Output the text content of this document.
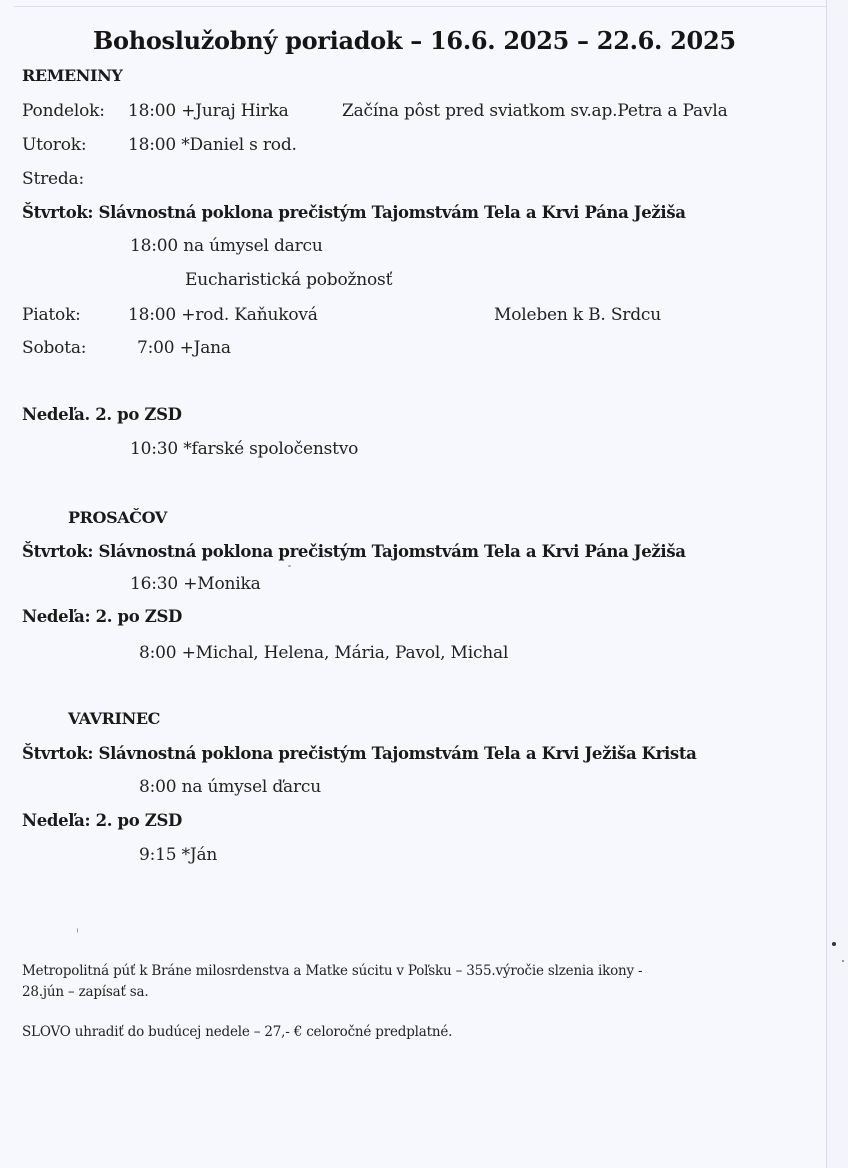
Bohoslužobný poriadok – 16.6. 2025 – 22.6. 2025
REMENINY
Pondelok: 18:00 +Juraj Hirka	Začína pôst pred sviatkom sv.ap.Petra a Pavla
Utorok: 18:00 *Daniel s rod.
Streda:
Štvrtok: Slávnostná poklona prečistým Tajomstvám Tela a Krvi Pána Ježiša
18:00 na úmysel darcu
Eucharistická pobožnosť
Piatok:	18:00 +rod. Kaňuková	Moleben k B. Srdcu
Sobota:	7:00 +Jana
Nedeľa. 2. po ZSD
10:30 *farské spoločenstvo
PROSAČOV
Štvrtok: Slávnostná poklona prečistým Tajomstvám Tela a Krvi Pána Ježiša
16:30 +Monika
Nedeľa: 2. po ZSD
8:00 +Michal, Helena, Mária, Pavol, Michal
VAVRINEC
Štvrtok: Slávnostná poklona prečistým Tajomstvám Tela a Krvi Ježiša Krista
8:00 na úmysel ďarcu
Nedeľa: 2. po ZSD
9:15 *Ján
Metropolitná púť k Bráne milosrdenstva a Matke súcitu v Poľsku – 355.výročie slzenia ikony -
28.jún – zapísať sa.
SLOVO uhradiť do budúcej nedele – 27,- € celoročné predplatné.
